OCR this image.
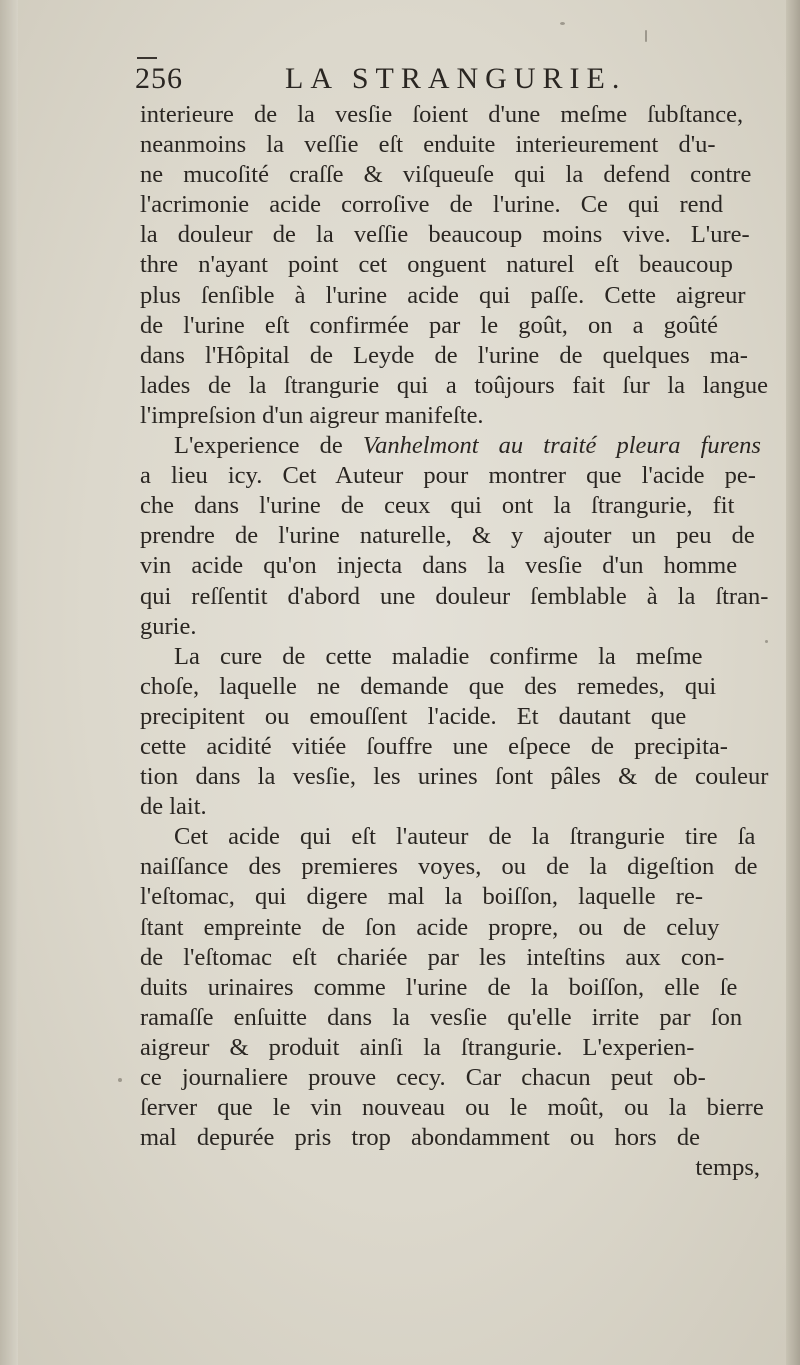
256	LA STRANGURIE.
interieure de la vesſie ſoient d'une meſme ſubſtance,
neanmoins la veſſie eſt enduite interieurement d'u-
ne mucoſité craſſe & viſqueuſe qui la defend contre
l'acrimonie acide corroſive de l'urine. Ce qui rend
la douleur de la veſſie beaucoup moins vive. L'ure-
thre n'ayant point cet onguent naturel eſt beaucoup
plus ſenſible à l'urine acide qui paſſe. Cette aigreur
de l'urine eſt confirmée par le goût, on a goûté
dans l'Hôpital de Leyde de l'urine de quelques ma-
lades de la ſtrangurie qui a toûjours fait ſur la langue
l'impreſsion d'un aigreur manifeſte.
L'experience de Vanhelmont au traité pleura furens
a lieu icy. Cet Auteur pour montrer que l'acide pe-
che dans l'urine de ceux qui ont la ſtrangurie, fit
prendre de l'urine naturelle, & y ajouter un peu de
vin acide qu'on injecta dans la vesſie d'un homme
qui reſſentit d'abord une douleur ſemblable à la ſtran-
gurie.
La cure de cette maladie confirme la meſme
choſe, laquelle ne demande que des remedes, qui
precipitent ou emouſſent l'acide. Et dautant que
cette acidité vitiée ſouffre une eſpece de precipita-
tion dans la vesſie, les urines ſont pâles & de couleur
de lait.
Cet acide qui eſt l'auteur de la ſtrangurie tire ſa
naiſſance des premieres voyes, ou de la digeſtion de
l'eſtomac, qui digere mal la boiſſon, laquelle re-
ſtant empreinte de ſon acide propre, ou de celuy
de l'eſtomac eſt chariée par les inteſtins aux con-
duits urinaires comme l'urine de la boiſſon, elle ſe
ramaſſe enſuitte dans la vesſie qu'elle irrite par ſon
aigreur & produit ainſi la ſtrangurie. L'experien-
ce journaliere prouve cecy. Car chacun peut ob-
ſerver que le vin nouveau ou le moût, ou la bierre
mal depurée pris trop abondamment ou hors de
temps,
